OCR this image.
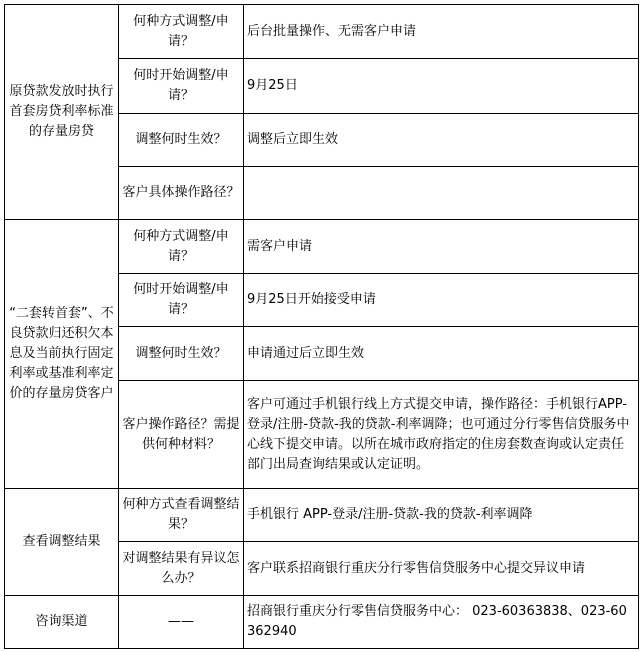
原贷款发放时执行首套房贷利率标准的存量房贷	何种方式调整/申请？	后台批量操作、无需客户申请
	何时开始调整/申请？	9月25日
	调整何时生效？	调整后立即生效
	客户具体操作路径？	
“二套转首套”、不良贷款归还积欠本息及当前执行固定利率或基准利率定价的存量房贷客户	何种方式调整/申请？	需客户申请
	何时开始调整/申请？	9月25日开始接受申请
	调整何时生效？	申请通过后立即生效
	客户操作路径？需提供何种材料？	客户可通过手机银行线上方式提交申请，操作路径：手机银行APP-登录/注册-贷款-我的贷款-利率调降；也可通过分行零售信贷服务中心线下提交申请。以所在城市政府指定的住房套数查询或认定责任部门出局查询结果或认定证明。
查看调整结果	何种方式查看调整结果？	手机银行 APP-登录/注册-贷款-我的贷款-利率调降
	对调整结果有异议怎么办？	客户联系招商银行重庆分行零售信贷服务中心提交异议申请
咨询渠道	——	招商银行重庆分行零售信贷服务中心： 023-60363838、023-60362940
